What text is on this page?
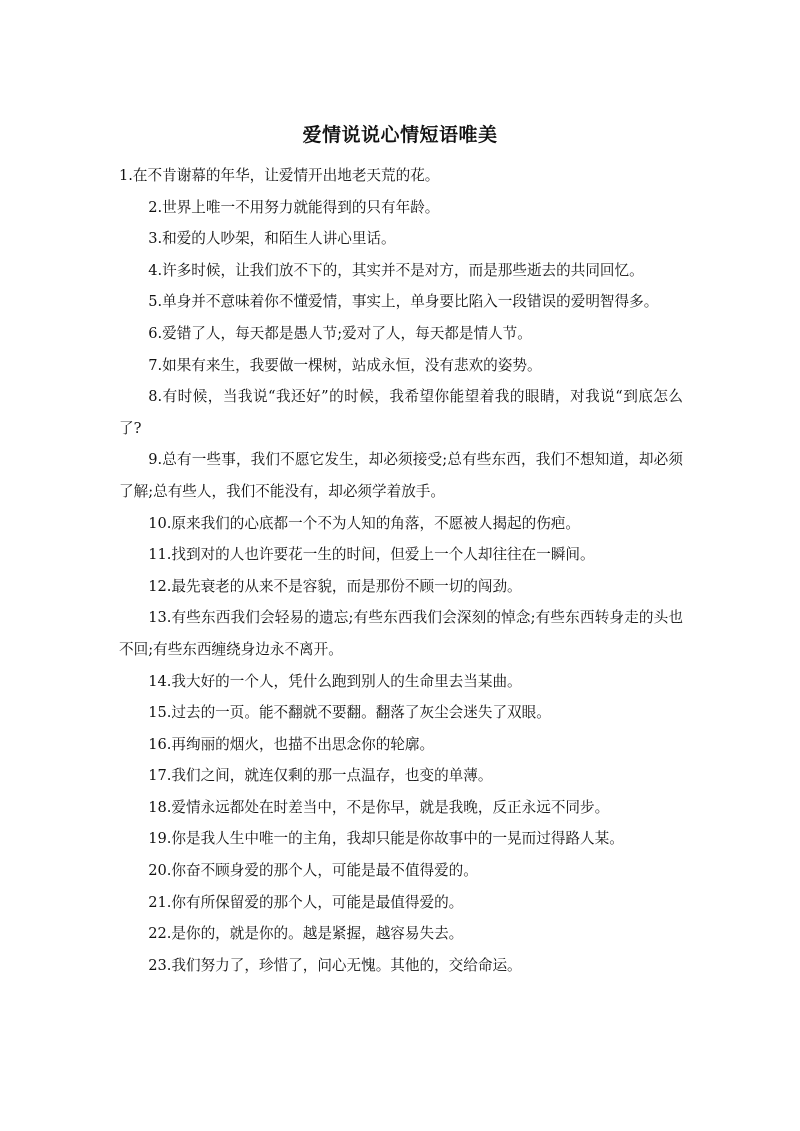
爱情说说心情短语唯美

1.在不肯谢幕的年华，让爱情开出地老天荒的花。

2.世界上唯一不用努力就能得到的只有年龄。

3.和爱的人吵架，和陌生人讲心里话。

4.许多时候，让我们放不下的，其实并不是对方，而是那些逝去的共同回忆。

5.单身并不意味着你不懂爱情，事实上，单身要比陷入一段错误的爱明智得多。

6.爱错了人，每天都是愚人节;爱对了人，每天都是情人节。

7.如果有来生，我要做一棵树，站成永恒，没有悲欢的姿势。

8.有时候，当我说“我还好”的时候，我希望你能望着我的眼睛，对我说“到底怎么了?

9.总有一些事，我们不愿它发生，却必须接受;总有些东西，我们不想知道，却必须了解;总有些人，我们不能没有，却必须学着放手。

10.原来我们的心底都一个不为人知的角落，不愿被人揭起的伤疤。

11.找到对的人也许要花一生的时间，但爱上一个人却往往在一瞬间。

12.最先衰老的从来不是容貌，而是那份不顾一切的闯劲。

13.有些东西我们会轻易的遗忘;有些东西我们会深刻的悼念;有些东西转身走的头也不回;有些东西缠绕身边永不离开。

14.我大好的一个人，凭什么跑到别人的生命里去当某曲。

15.过去的一页。能不翻就不要翻。翻落了灰尘会迷失了双眼。

16.再绚丽的烟火，也描不出思念你的轮廓。

17.我们之间，就连仅剩的那一点温存，也变的单薄。

18.爱情永远都处在时差当中，不是你早，就是我晚，反正永远不同步。

19.你是我人生中唯一的主角，我却只能是你故事中的一晃而过得路人某。

20.你奋不顾身爱的那个人，可能是最不值得爱的。

21.你有所保留爱的那个人，可能是最值得爱的。

22.是你的，就是你的。越是紧握，越容易失去。

23.我们努力了，珍惜了，问心无愧。其他的，交给命运。
